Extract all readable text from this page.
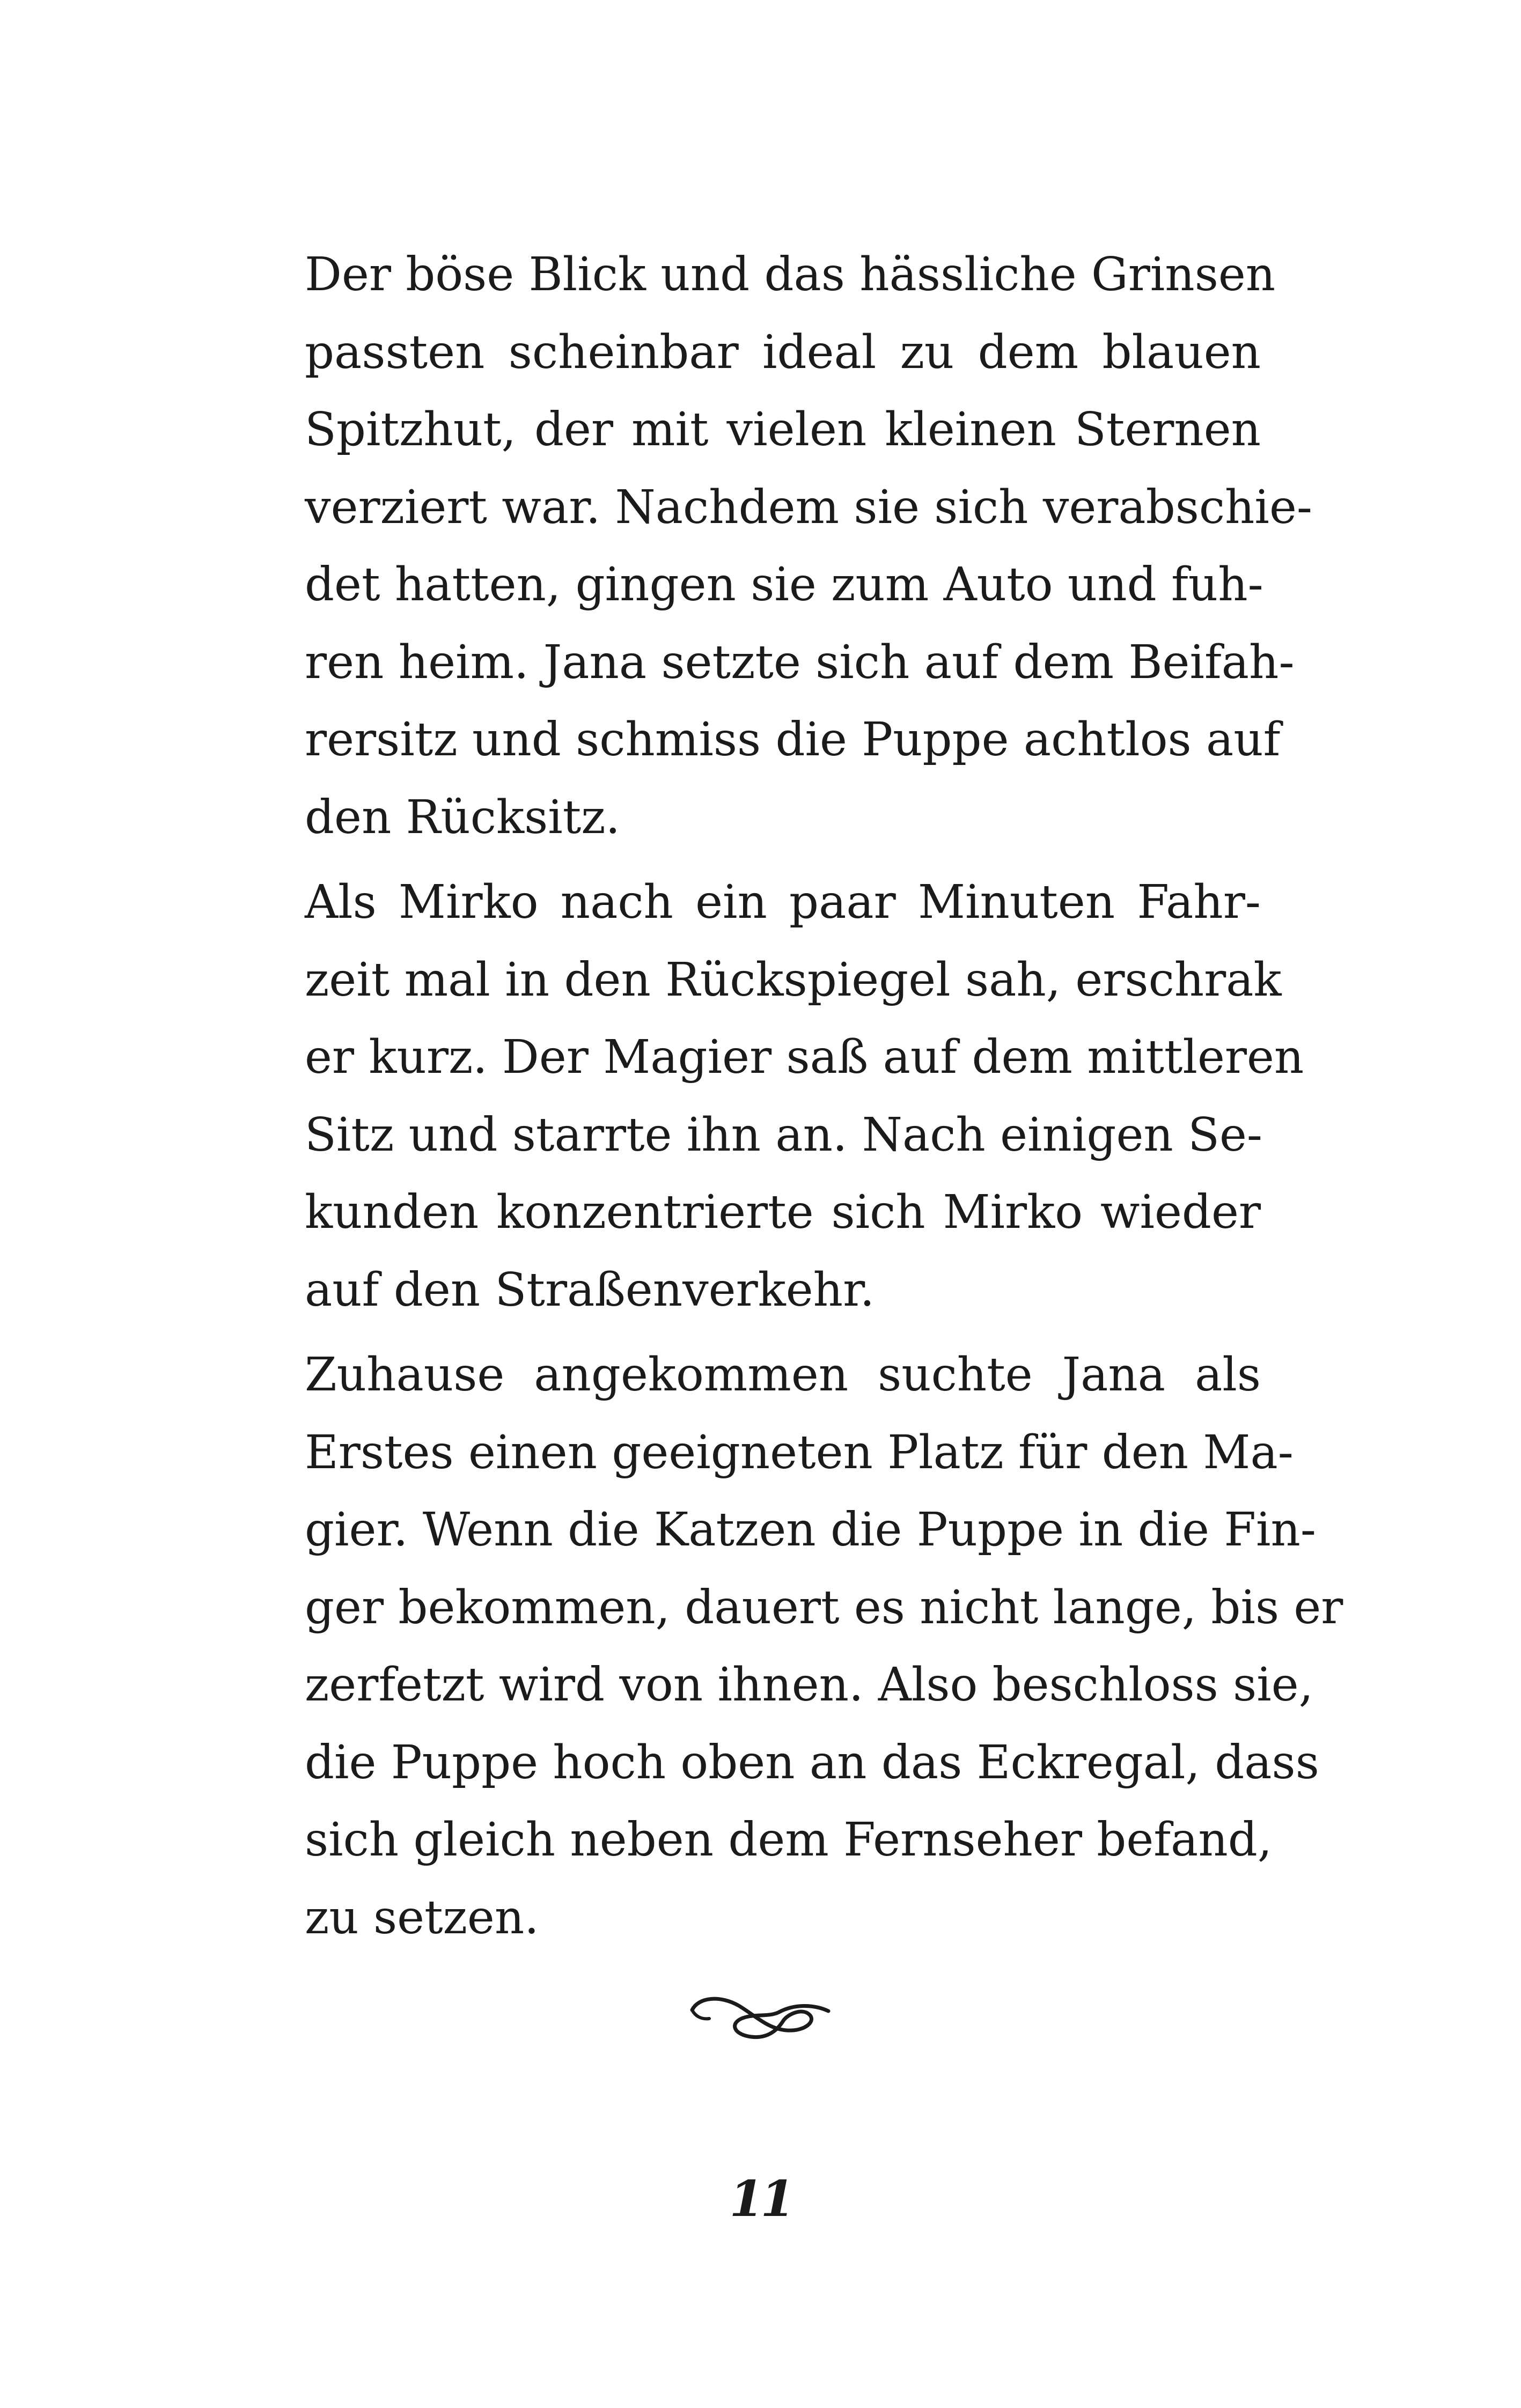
Der böse Blick und das hässliche Grinsen
passten scheinbar ideal zu dem blauen
Spitzhut, der mit vielen kleinen Sternen
verziert war. Nachdem sie sich verabschie-
det hatten, gingen sie zum Auto und fuh-
ren heim. Jana setzte sich auf dem Beifah-
rersitz und schmiss die Puppe achtlos auf
den Rücksitz.

Als Mirko nach ein paar Minuten Fahr-
zeit mal in den Rückspiegel sah, erschrak
er kurz. Der Magier saß auf dem mittleren
Sitz und starrte ihn an. Nach einigen Se-
kunden konzentrierte sich Mirko wieder
auf den Straßenverkehr.

Zuhause angekommen suchte Jana als
Erstes einen geeigneten Platz für den Ma-
gier. Wenn die Katzen die Puppe in die Fin-
ger bekommen, dauert es nicht lange, bis er
zerfetzt wird von ihnen. Also beschloss sie,
die Puppe hoch oben an das Eckregal, dass
sich gleich neben dem Fernseher befand,
zu setzen.

11
